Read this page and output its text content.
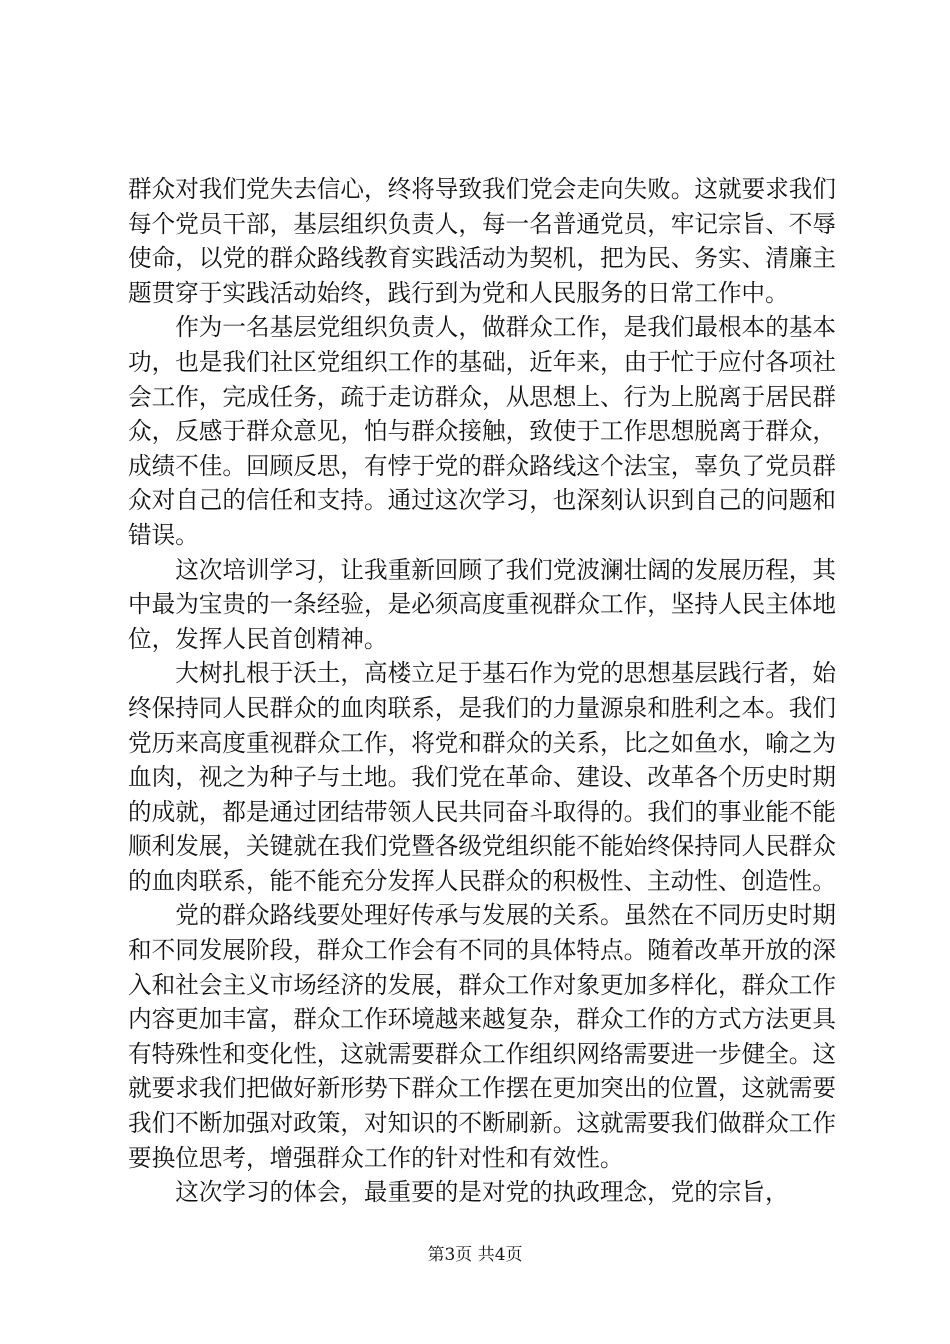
群众对我们党失去信心，终将导致我们党会走向失败。这就要求我们每个党员干部，基层组织负责人，每一名普通党员，牢记宗旨、不辱使命，以党的群众路线教育实践活动为契机，把为民、务实、清廉主题贯穿于实践活动始终，践行到为党和人民服务的日常工作中。

作为一名基层党组织负责人，做群众工作，是我们最根本的基本功，也是我们社区党组织工作的基础，近年来，由于忙于应付各项社会工作，完成任务，疏于走访群众，从思想上、行为上脱离于居民群众，反感于群众意见，怕与群众接触，致使于工作思想脱离于群众，成绩不佳。回顾反思，有悖于党的群众路线这个法宝，辜负了党员群众对自己的信任和支持。通过这次学习，也深刻认识到自己的问题和错误。

这次培训学习，让我重新回顾了我们党波澜壮阔的发展历程，其中最为宝贵的一条经验，是必须高度重视群众工作，坚持人民主体地位，发挥人民首创精神。

大树扎根于沃土，高楼立足于基石作为党的思想基层践行者，始终保持同人民群众的血肉联系，是我们的力量源泉和胜利之本。我们党历来高度重视群众工作，将党和群众的关系，比之如鱼水，喻之为血肉，视之为种子与土地。我们党在革命、建设、改革各个历史时期的成就，都是通过团结带领人民共同奋斗取得的。我们的事业能不能顺利发展，关键就在我们党暨各级党组织能不能始终保持同人民群众的血肉联系，能不能充分发挥人民群众的积极性、主动性、创造性。

党的群众路线要处理好传承与发展的关系。虽然在不同历史时期和不同发展阶段，群众工作会有不同的具体特点。随着改革开放的深入和社会主义市场经济的发展，群众工作对象更加多样化，群众工作内容更加丰富，群众工作环境越来越复杂，群众工作的方式方法更具有特殊性和变化性，这就需要群众工作组织网络需要进一步健全。这就要求我们把做好新形势下群众工作摆在更加突出的位置，这就需要我们不断加强对政策，对知识的不断刷新。这就需要我们做群众工作要换位思考，增强群众工作的针对性和有效性。

这次学习的体会，最重要的是对党的执政理念，党的宗旨，

第3页 共4页
